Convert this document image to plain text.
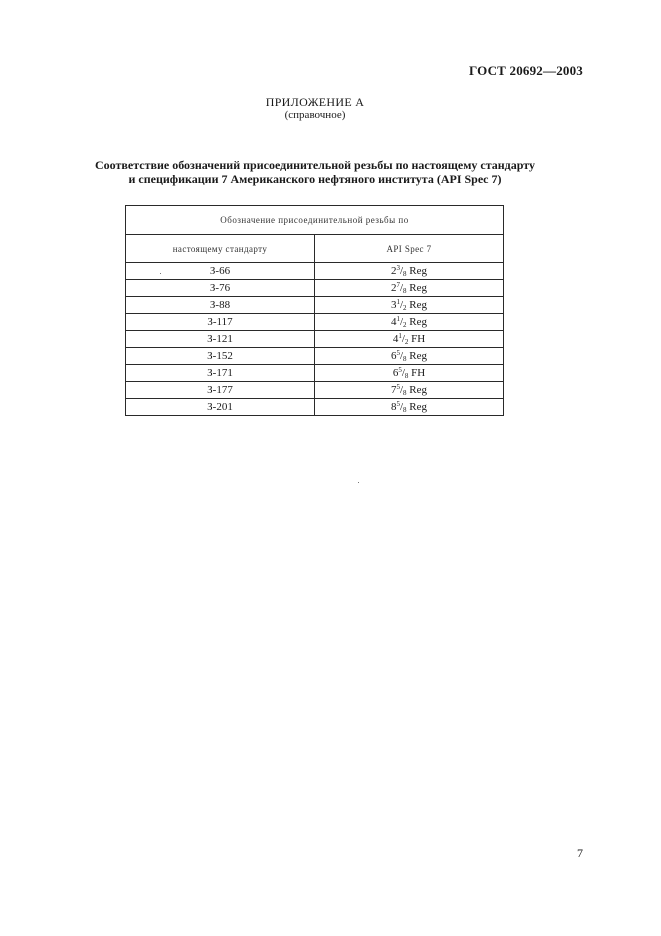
ГОСТ 20692—2003
ПРИЛОЖЕНИЕ А
(справочное)
Соответствие обозначений присоединительной резьбы по настоящему стандарту
и спецификации 7 Американского нефтяного института (API Spec 7)
Обозначение присоединительной резьбы по	
настоящему стандарту	API Spec 7
З-66	$2^3/_8$ Reg
З-76	$2^7/_8$ Reg
З-88	$3^1/_2$ Reg
З-117	$4^1/_2$ Reg
З-121	$4^1/_2$ FH
З-152	$6^5/_8$ Reg
З-171	$6^5/_8$ FH
З-177	$7^5/_8$ Reg
З-201	$8^5/_8$ Reg
7
